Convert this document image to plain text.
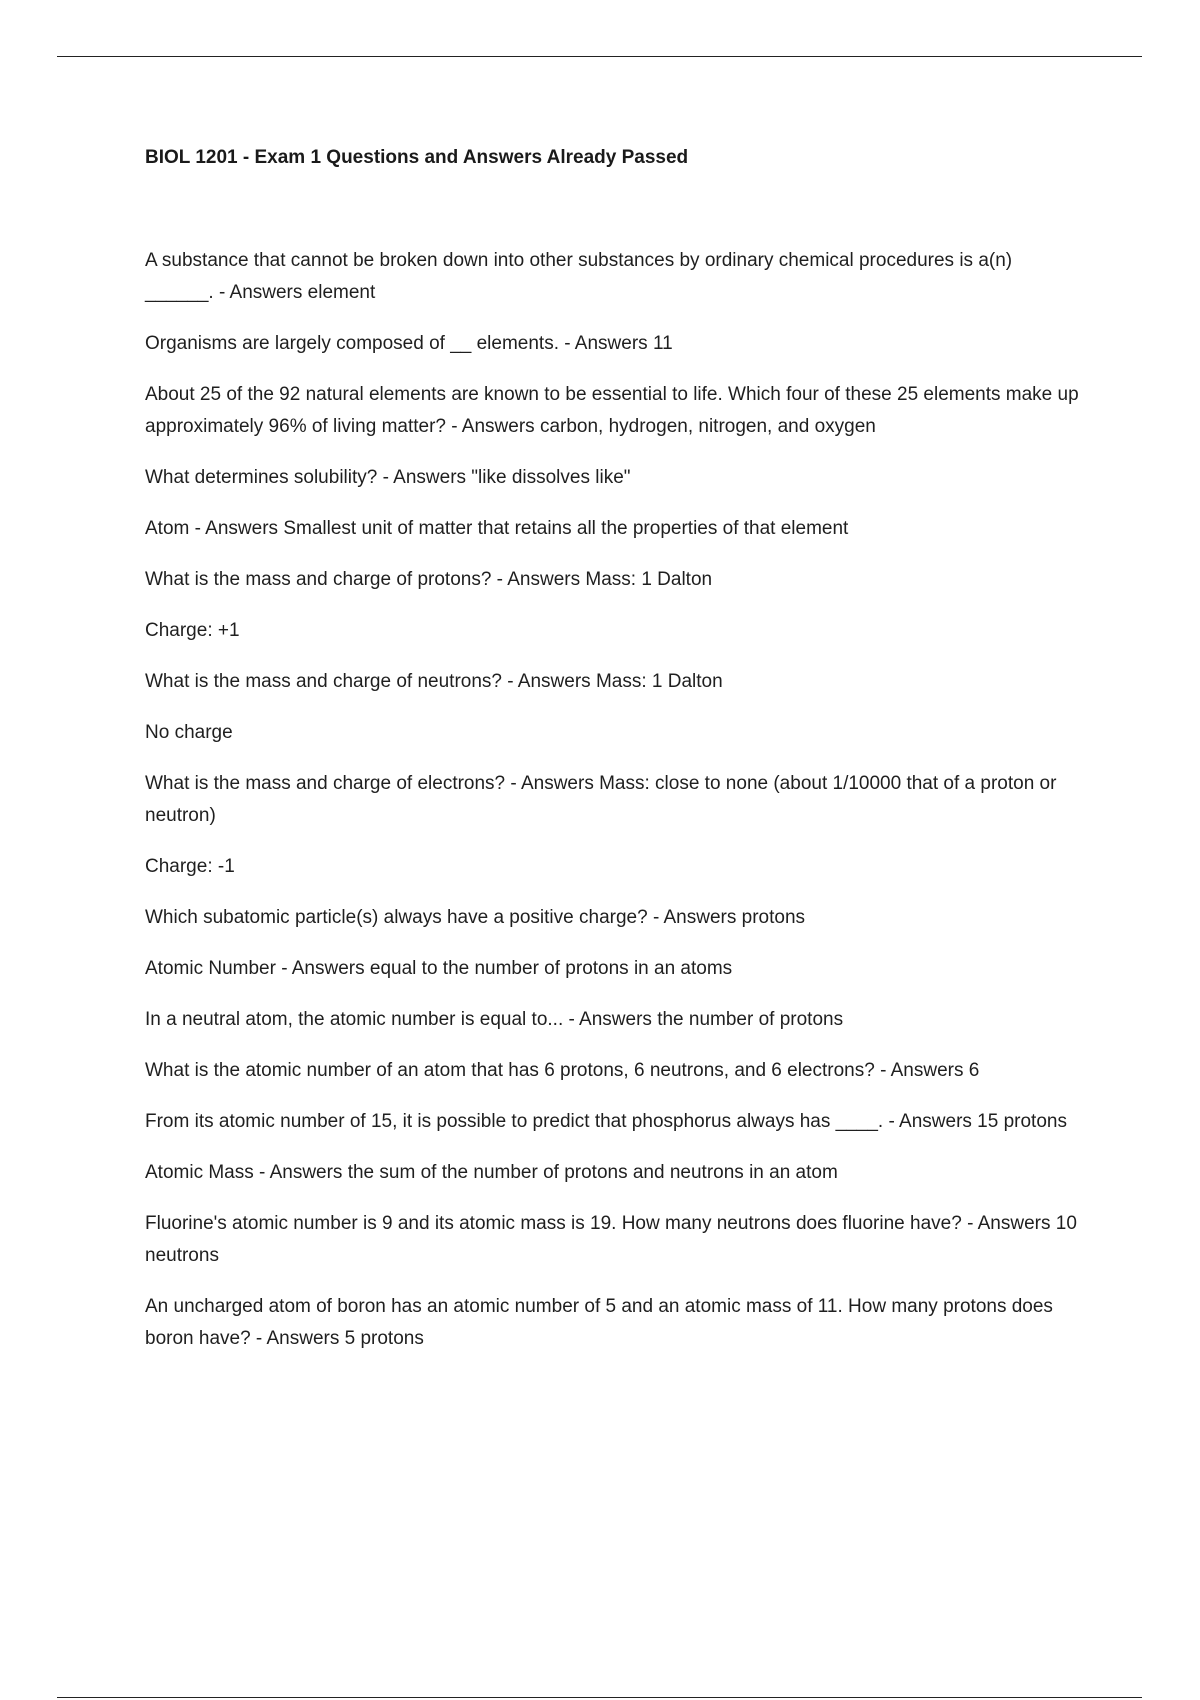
BIOL 1201 - Exam 1 Questions and Answers Already Passed
A substance that cannot be broken down into other substances by ordinary chemical procedures is a(n) ______. - Answers element
Organisms are largely composed of __ elements. - Answers 11
About 25 of the 92 natural elements are known to be essential to life. Which four of these 25 elements make up approximately 96% of living matter? - Answers carbon, hydrogen, nitrogen, and oxygen
What determines solubility? - Answers "like dissolves like"
Atom - Answers Smallest unit of matter that retains all the properties of that element
What is the mass and charge of protons? - Answers Mass: 1 Dalton
Charge: +1
What is the mass and charge of neutrons? - Answers Mass: 1 Dalton
No charge
What is the mass and charge of electrons? - Answers Mass: close to none (about 1/10000 that of a proton or neutron)
Charge: -1
Which subatomic particle(s) always have a positive charge? - Answers protons
Atomic Number - Answers equal to the number of protons in an atoms
In a neutral atom, the atomic number is equal to... - Answers the number of protons
What is the atomic number of an atom that has 6 protons, 6 neutrons, and 6 electrons? - Answers 6
From its atomic number of 15, it is possible to predict that phosphorus always has ____. - Answers 15 protons
Atomic Mass - Answers the sum of the number of protons and neutrons in an atom
Fluorine's atomic number is 9 and its atomic mass is 19. How many neutrons does fluorine have? - Answers 10 neutrons
An uncharged atom of boron has an atomic number of 5 and an atomic mass of 11. How many protons does boron have? - Answers 5 protons
